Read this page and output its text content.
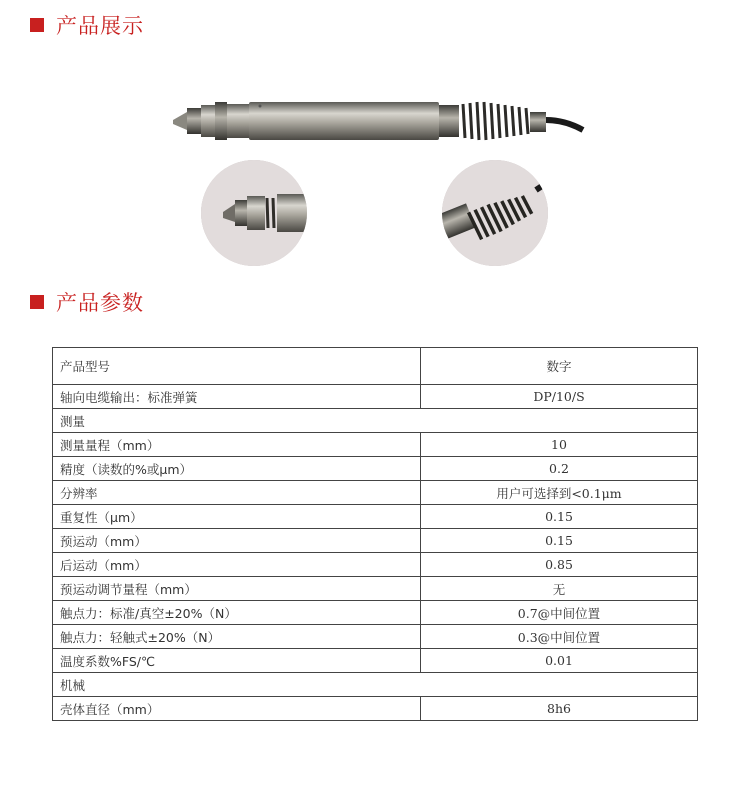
产品展示
产品参数
产品型号	数字
轴向电缆输出：标准弹簧	DP/10/S
测量	
测量量程（mm）	10
精度（读数的%或μm）	0.2
分辨率	用户可选择到<0.1μm
重复性（μm）	0.15
预运动（mm）	0.15
后运动（mm）	0.85
预运动调节量程（mm）	无
触点力：标准/真空±20%（N）	0.7@中间位置
触点力：轻触式±20%（N）	0.3@中间位置
温度系数%FS/℃	0.01
机械	
壳体直径（mm）	8h6
